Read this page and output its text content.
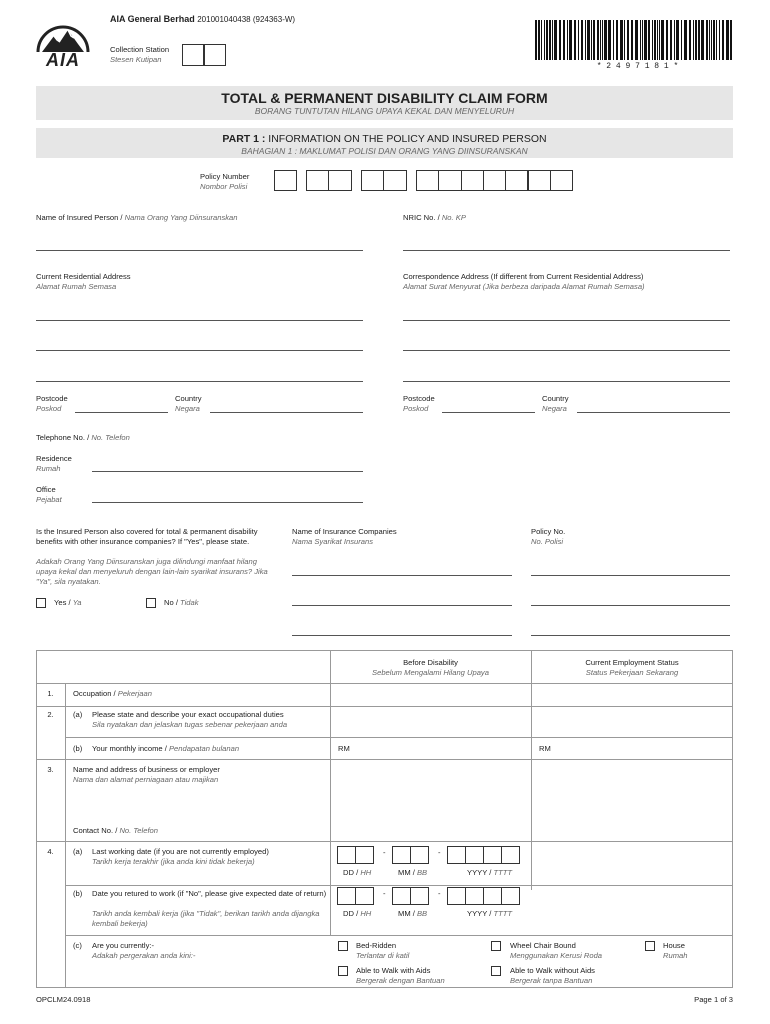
AIA
AIA General Berhad 201001040438 (924363-W)
Collection Station
Stesen Kutipan
* 2 4 9 7 1 8 1 *
TOTAL & PERMANENT DISABILITY CLAIM FORM
BORANG TUNTUTAN HILANG UPAYA KEKAL DAN MENYELURUH
PART 1 : INFORMATION ON THE POLICY AND INSURED PERSON
BAHAGIAN 1 : MAKLUMAT POLISI DAN ORANG YANG DIINSURANSKAN
Policy Number
Nombor Polisi
Name of Insured Person / Nama Orang Yang Diinsuranskan	NRIC No. / No. KP
Current Residential Address
Alamat Rumah Semasa
Correspondence Address (If different from Current Residential Address)
Alamat Surat Menyurat (Jika berbeza daripada Alamat Rumah Semasa)
Postcode
Poskod
Country
Negara
Postcode
Poskod
Country
Negara
Telephone No. / No. Telefon
Residence
Rumah
Office
Pejabat
Is the Insured Person also covered for total & permanent disability benefits with other insurance companies? If "Yes", please state.
Adakah Orang Yang Diinsuranskan juga dilindungi manfaat hilang upaya kekal dan menyeluruh dengan lain-lain syarikat insurans? Jika "Ya", sila nyatakan.
Yes / Ya	No / Tidak
Name of Insurance Companies
Nama Syarikat Insurans
Policy No.
No. Polisi
Before Disability
Sebelum Mengalami Hilang Upaya
Current Employment Status
Status Pekerjaan Sekarang
1.	Occupation / Pekerjaan
2.	(a) Please state and describe your exact occupational duties
Sila nyatakan dan jelaskan tugas sebenar pekerjaan anda
(b) Your monthly income / Pendapatan bulanan	RM	RM
3.	Name and address of business or employer
Nama dan alamat perniagaan atau majikan
Contact No. / No. Telefon
4.	(a) Last working date (if you are not currently employed)
Tarikh kerja terakhir (jika anda kini tidak bekerja)
-	-
DD / HH	MM / BB	YYYY / TTTT
(b) Date you retured to work (if "No", please give expected date of return)
Tarikh anda kembali kerja (jika "Tidak", berikan tarikh anda dijangka kembali bekerja)
-	-
DD / HH	MM / BB	YYYY / TTTT
(c) Are you currently:-
Adakah pergerakan anda kini:-
Bed-Ridden
Terlantar di katil
Wheel Chair Bound
Menggunakan Kerusi Roda
House
Rumah
Able to Walk with Aids
Bergerak dengan Bantuan
Able to Walk without Aids
Bergerak tanpa Bantuan
OPCLM24.0918	Page 1 of 3
